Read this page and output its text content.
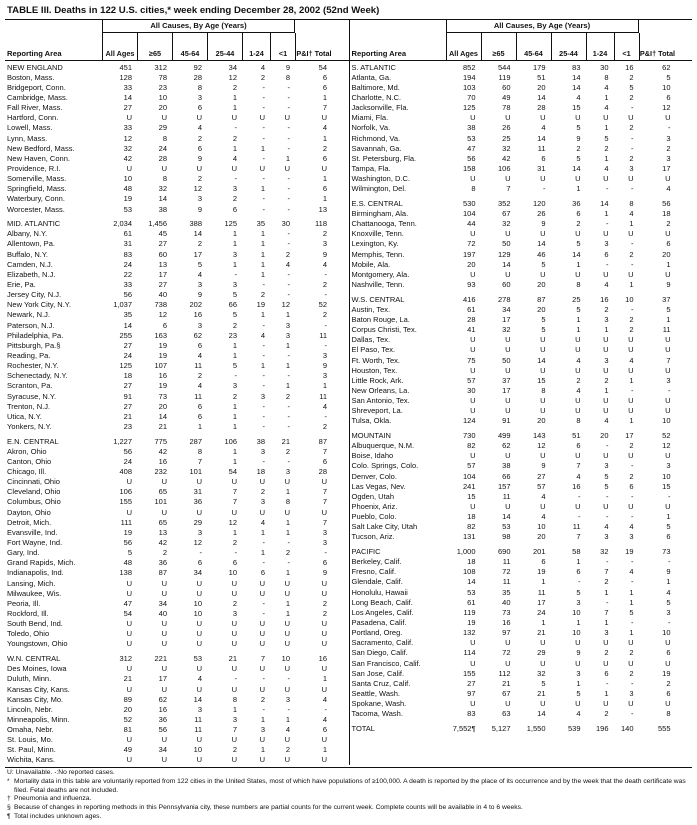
TABLE III. Deaths in 122 U.S. cities,* week ending December 28, 2002 (52nd Week)
All Causes, By Age (Years)
Reporting Area	All Ages	≥65	45-64	25-44	1-24	<1	P&I† Total
NEW ENGLAND	451	312	92	34	4	9	54
Boston, Mass.	128	78	28	12	2	8	6
Bridgeport, Conn.	33	23	8	2	-	-	6
Cambridge, Mass.	14	10	3	1	-	-	1
Fall River, Mass.	27	20	6	1	-	-	7
Hartford, Conn.	U	U	U	U	U	U	U
Lowell, Mass.	33	29	4	-	-	-	4
Lynn, Mass.	12	8	2	2	-	-	1
New Bedford, Mass.	32	24	6	1	1	-	2
New Haven, Conn.	42	28	9	4	-	1	6
Providence, R.I.	U	U	U	U	U	U	U
Somerville, Mass.	10	8	2	-	-	-	1
Springfield, Mass.	48	32	12	3	1	-	6
Waterbury, Conn.	19	14	3	2	-	-	1
Worcester, Mass.	53	38	9	6	-	-	13
MID. ATLANTIC	2,034	1,456	388	125	35	30	118
Albany, N.Y.	61	45	14	1	1	-	2
Allentown, Pa.	31	27	2	1	1	-	3
Buffalo, N.Y.	83	60	17	3	1	2	9
Camden, N.J.	24	13	5	1	1	4	4
Elizabeth, N.J.	22	17	4	-	1	-	-
Erie, Pa.	33	27	3	3	-	-	2
Jersey City, N.J.	56	40	9	5	2	-	-
New York City, N.Y.	1,037	738	202	66	19	12	52
Newark, N.J.	35	12	16	5	1	1	2
Paterson, N.J.	14	6	3	2	-	3	-
Philadelphia, Pa.	255	163	62	23	4	3	11
Pittsburgh, Pa.§	27	19	6	1	-	1	-
Reading, Pa.	24	19	4	1	-	-	3
Rochester, N.Y.	125	107	11	5	1	1	9
Schenectady, N.Y.	18	16	2	-	-	-	3
Scranton, Pa.	27	19	4	3	-	1	1
Syracuse, N.Y.	91	73	11	2	3	2	11
Trenton, N.J.	27	20	6	1	-	-	4
Utica, N.Y.	21	14	6	1	-	-	-
Yonkers, N.Y.	23	21	1	1	-	-	2
E.N. CENTRAL	1,227	775	287	106	38	21	87
Akron, Ohio	56	42	8	1	3	2	7
Canton, Ohio	24	16	7	1	-	-	6
Chicago, Ill.	408	232	101	54	18	3	28
Cincinnati, Ohio	U	U	U	U	U	U	U
Cleveland, Ohio	106	65	31	7	2	1	7
Columbus, Ohio	155	101	36	7	3	8	7
Dayton, Ohio	U	U	U	U	U	U	U
Detroit, Mich.	111	65	29	12	4	1	7
Evansville, Ind.	19	13	3	1	1	1	3
Fort Wayne, Ind.	56	42	12	2	-	-	3
Gary, Ind.	5	2	-	-	1	2	-
Grand Rapids, Mich.	48	36	6	6	-	-	6
Indianapolis, Ind.	138	87	34	10	6	1	9
Lansing, Mich.	U	U	U	U	U	U	U
Milwaukee, Wis.	U	U	U	U	U	U	U
Peoria, Ill.	47	34	10	2	-	1	2
Rockford, Ill.	54	40	10	3	-	1	2
South Bend, Ind.	U	U	U	U	U	U	U
Toledo, Ohio	U	U	U	U	U	U	U
Youngstown, Ohio	U	U	U	U	U	U	U
W.N. CENTRAL	312	221	53	21	7	10	16
Des Moines, Iowa	U	U	U	U	U	U	U
Duluth, Minn.	21	17	4	-	-	-	1
Kansas City, Kans.	U	U	U	U	U	U	U
Kansas City, Mo.	89	62	14	8	2	3	4
Lincoln, Nebr.	20	16	3	1	-	-	-
Minneapolis, Minn.	52	36	11	3	1	1	4
Omaha, Nebr.	81	56	11	7	3	4	6
St. Louis, Mo.	U	U	U	U	U	U	U
St. Paul, Minn.	49	34	10	2	1	2	1
Wichita, Kans.	U	U	U	U	U	U	U
All Causes, By Age (Years)
Reporting Area	All Ages	≥65	45-64	25-44	1-24	<1	P&I† Total
S. ATLANTIC	852	544	179	83	30	16	62
Atlanta, Ga.	194	119	51	14	8	2	5
Baltimore, Md.	103	60	20	14	4	5	10
Charlotte, N.C.	70	49	14	4	1	2	6
Jacksonville, Fla.	125	78	28	15	4	-	12
Miami, Fla.	U	U	U	U	U	U	U
Norfolk, Va.	38	26	4	5	1	2	-
Richmond, Va.	53	25	14	9	5	-	3
Savannah, Ga.	47	32	11	2	2	-	2
St. Petersburg, Fla.	56	42	6	5	1	2	3
Tampa, Fla.	158	106	31	14	4	3	17
Washington, D.C.	U	U	U	U	U	U	U
Wilmington, Del.	8	7	-	1	-	-	4
E.S. CENTRAL	530	352	120	36	14	8	56
Birmingham, Ala.	104	67	26	6	1	4	18
Chattanooga, Tenn.	44	32	9	2	-	1	2
Knoxville, Tenn.	U	U	U	U	U	U	U
Lexington, Ky.	72	50	14	5	3	-	6
Memphis, Tenn.	197	129	46	14	6	2	20
Mobile, Ala.	20	14	5	1	-	-	1
Montgomery, Ala.	U	U	U	U	U	U	U
Nashville, Tenn.	93	60	20	8	4	1	9
W.S. CENTRAL	416	278	87	25	16	10	37
Austin, Tex.	61	34	20	5	2	-	5
Baton Rouge, La.	28	17	5	1	3	2	1
Corpus Christi, Tex.	41	32	5	1	1	2	11
Dallas, Tex.	U	U	U	U	U	U	U
El Paso, Tex.	U	U	U	U	U	U	U
Ft. Worth, Tex.	75	50	14	4	3	4	7
Houston, Tex.	U	U	U	U	U	U	U
Little Rock, Ark.	57	37	15	2	2	1	3
New Orleans, La.	30	17	8	4	1	-	-
San Antonio, Tex.	U	U	U	U	U	U	U
Shreveport, La.	U	U	U	U	U	U	U
Tulsa, Okla.	124	91	20	8	4	1	10
MOUNTAIN	730	499	143	51	20	17	52
Albuquerque, N.M.	82	62	12	6	-	2	12
Boise, Idaho	U	U	U	U	U	U	U
Colo. Springs, Colo.	57	38	9	7	3	-	3
Denver, Colo.	104	66	27	4	5	2	10
Las Vegas, Nev.	241	157	57	16	5	6	15
Ogden, Utah	15	11	4	-	-	-	-
Phoenix, Ariz.	U	U	U	U	U	U	U
Pueblo, Colo.	18	14	4	-	-	-	1
Salt Lake City, Utah	82	53	10	11	4	4	5
Tucson, Ariz.	131	98	20	7	3	3	6
PACIFIC	1,000	690	201	58	32	19	73
Berkeley, Calif.	18	11	6	1	-	-	-
Fresno, Calif.	108	72	19	6	7	4	9
Glendale, Calif.	14	11	1	-	2	-	1
Honolulu, Hawaii	53	35	11	5	1	1	4
Long Beach, Calif.	61	40	17	3	-	1	5
Los Angeles, Calif.	119	73	24	10	7	5	3
Pasadena, Calif.	19	16	1	1	1	-	-
Portland, Oreg.	132	97	21	10	3	1	10
Sacramento, Calif.	U	U	U	U	U	U	U
San Diego, Calif.	114	72	29	9	2	2	6
San Francisco, Calif.	U	U	U	U	U	U	U
San Jose, Calif.	155	112	32	3	6	2	19
Santa Cruz, Calif.	27	21	5	1	-	-	2
Seattle, Wash.	97	67	21	5	1	3	6
Spokane, Wash.	U	U	U	U	U	U	U
Tacoma, Wash.	83	63	14	4	2	-	8
TOTAL	7,552¶	5,127	1,550	539	196	140	555
U: Unavailable. -:No reported cases.
* Mortality data in this table are voluntarily reported from 122 cities in the United States, most of which have populations of ≥100,000. A death is reported by the place of its occurrence and by the week that the death certificate was filed. Fetal deaths are not included.
† Pneumonia and influenza.
§ Because of changes in reporting methods in this Pennsylvania city, these numbers are partial counts for the current week. Complete counts will be available in 4 to 6 weeks.
¶ Total includes unknown ages.
